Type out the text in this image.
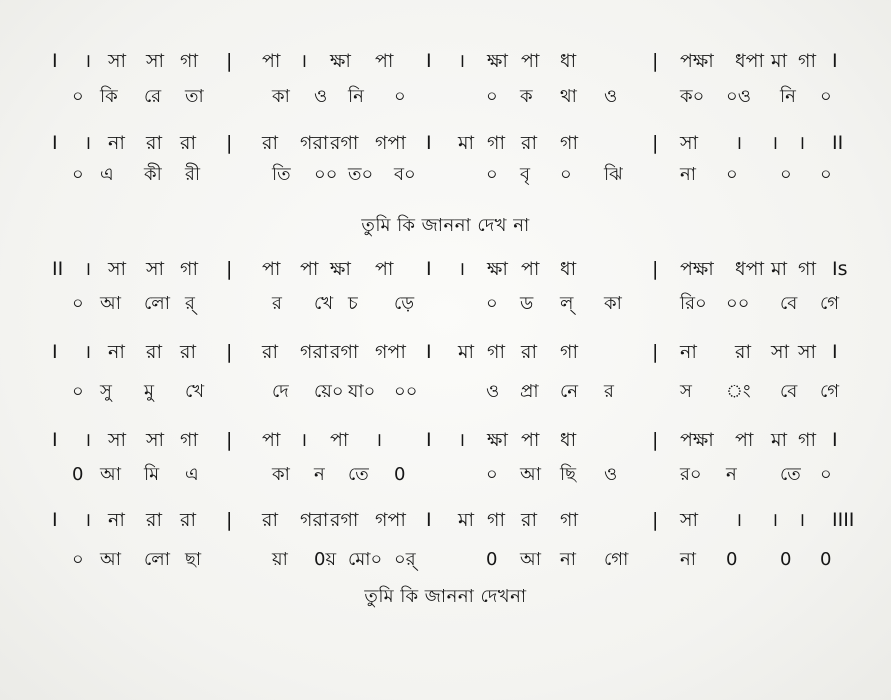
I । সা সা গা | পা । ক্ষা পা I । ক্ষা পা ধা	| পক্ষা ধপা মা গা I
০ কি রে তা	কা ও নি ০	০ ক থা ও	ক০ ০ও নি ০
I । না রা রা | রা গরা রগা গপা I মা গা রা গা	| সা । । । II
০ এ কী রী	তি ০০ ত০ ব০	০ বৃ ০ ঝি	না ০ ০ ০
II । সা সা গা | পা পা ক্ষা পা I । ক্ষা পা ধা	| পক্ষা ধপা মা গা Is
০ আ লো র্	র খে চ ড়ে	০ ড ল্ কা	রি০ ০০ বে গে
I । না রা রা | রা গরা রগা গপা I মা গা রা গা	| না রা সা সা I
০ সু মু খে	দে য়ে০ যা০ ০০	ও প্রা নে র	স ং বে গে
I । সা সা গা | পা । পা । I । ক্ষা পা ধা	| পক্ষা পা মা গা I
0 আ মি এ	কা ন তে 0	০ আ ছি ও	র০ ন তে ০
I । না রা রা | রা গরা রগা গপা I মা গা রা গা	| সা । । । IIII
০ আ লো ছা	য়া 0য় মো০ ০র্	0 আ না গো	না 0 0 0
তুমি কি জাননা দেখ না
তুমি কি জাননা দেখনা
